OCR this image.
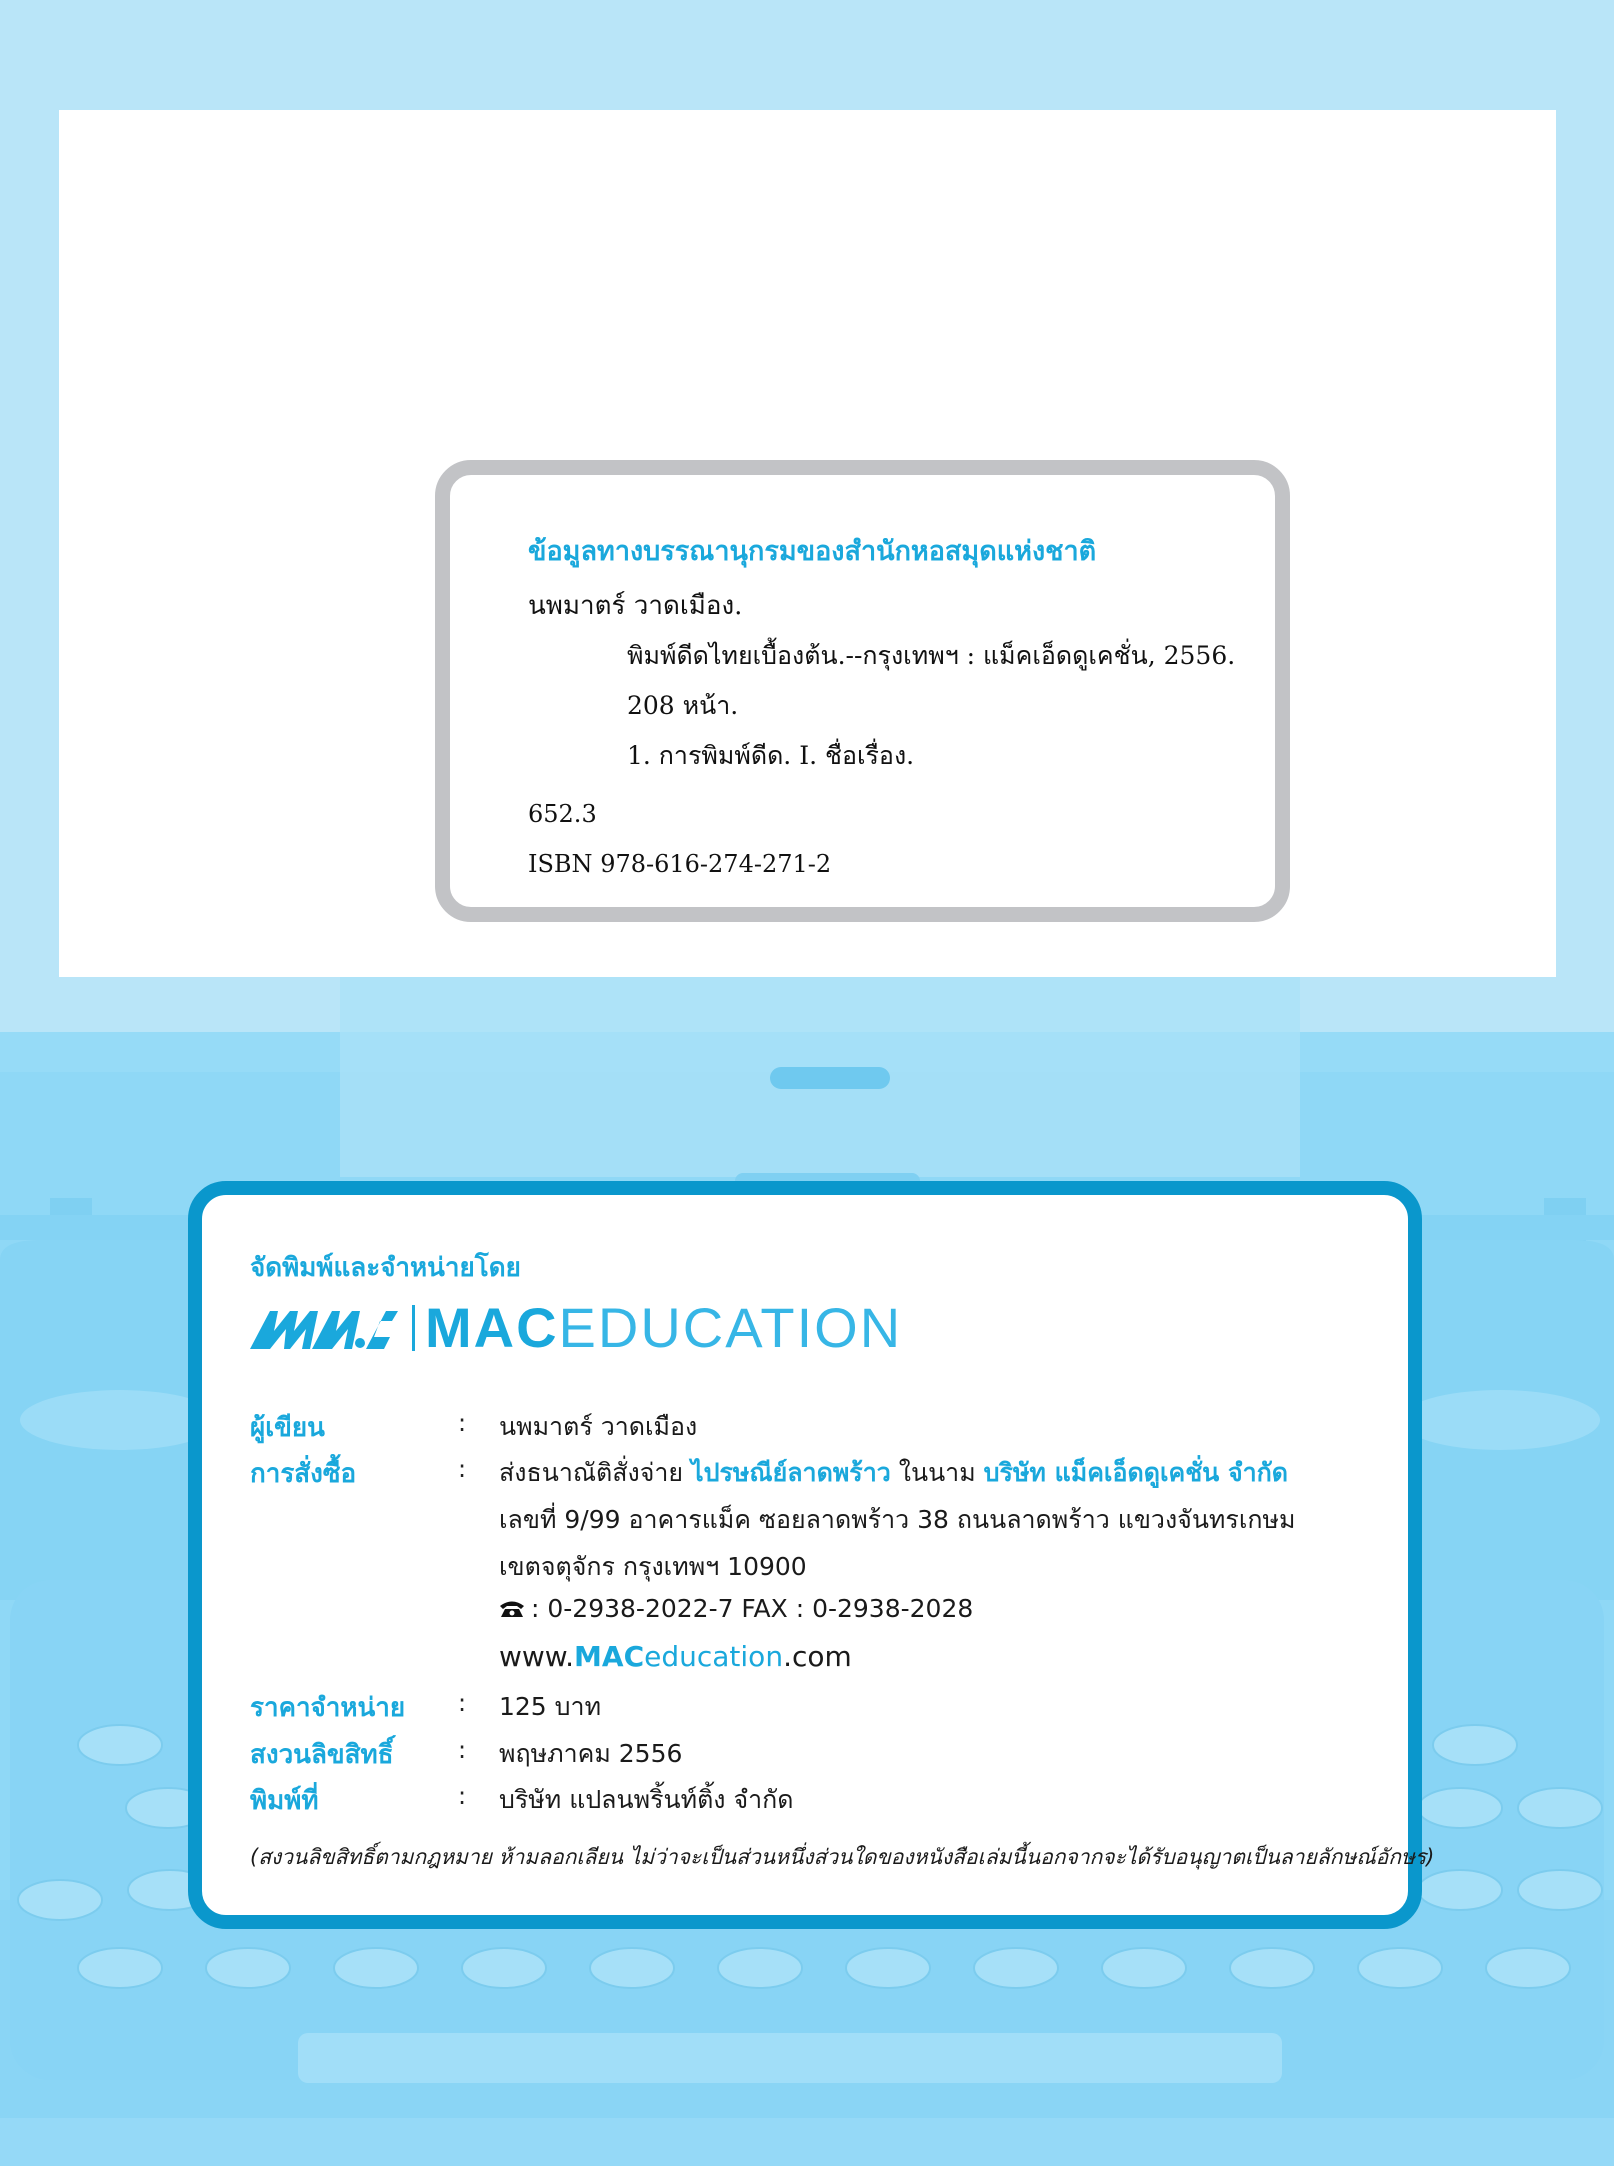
ข้อมูลทางบรรณานุกรมของสำนักหอสมุดแห่งชาติ
นพมาตร์ วาดเมือง.
พิมพ์ดีดไทยเบื้องต้น.--กรุงเทพฯ : แม็คเอ็ดดูเคชั่น, 2556.
208 หน้า.
1. การพิมพ์ดีด. I. ชื่อเรื่อง.
652.3
ISBN 978-616-274-271-2
จัดพิมพ์และจำหน่ายโดย
MACEDUCATION
ผู้เขียน	: นพมาตร์ วาดเมือง
การสั่งซื้อ	: ส่งธนาณัติสั่งจ่าย ไปรษณีย์ลาดพร้าว ในนาม บริษัท แม็คเอ็ดดูเคชั่น จำกัด
เลขที่ 9/99 อาคารแม็ค ซอยลาดพร้าว 38 ถนนลาดพร้าว แขวงจันทรเกษม
เขตจตุจักร กรุงเทพฯ 10900
: 0-2938-2022-7 FAX : 0-2938-2028
www.MACeducation.com
ราคาจำหน่าย : 125 บาท
สงวนลิขสิทธิ์	: พฤษภาคม 2556
พิมพ์ที่	: บริษัท แปลนพริ้นท์ติ้ง จำกัด
(สงวนลิขสิทธิ์ตามกฎหมาย ห้ามลอกเลียน ไม่ว่าจะเป็นส่วนหนึ่งส่วนใดของหนังสือเล่มนี้นอกจากจะได้รับอนุญาตเป็นลายลักษณ์อักษร)
